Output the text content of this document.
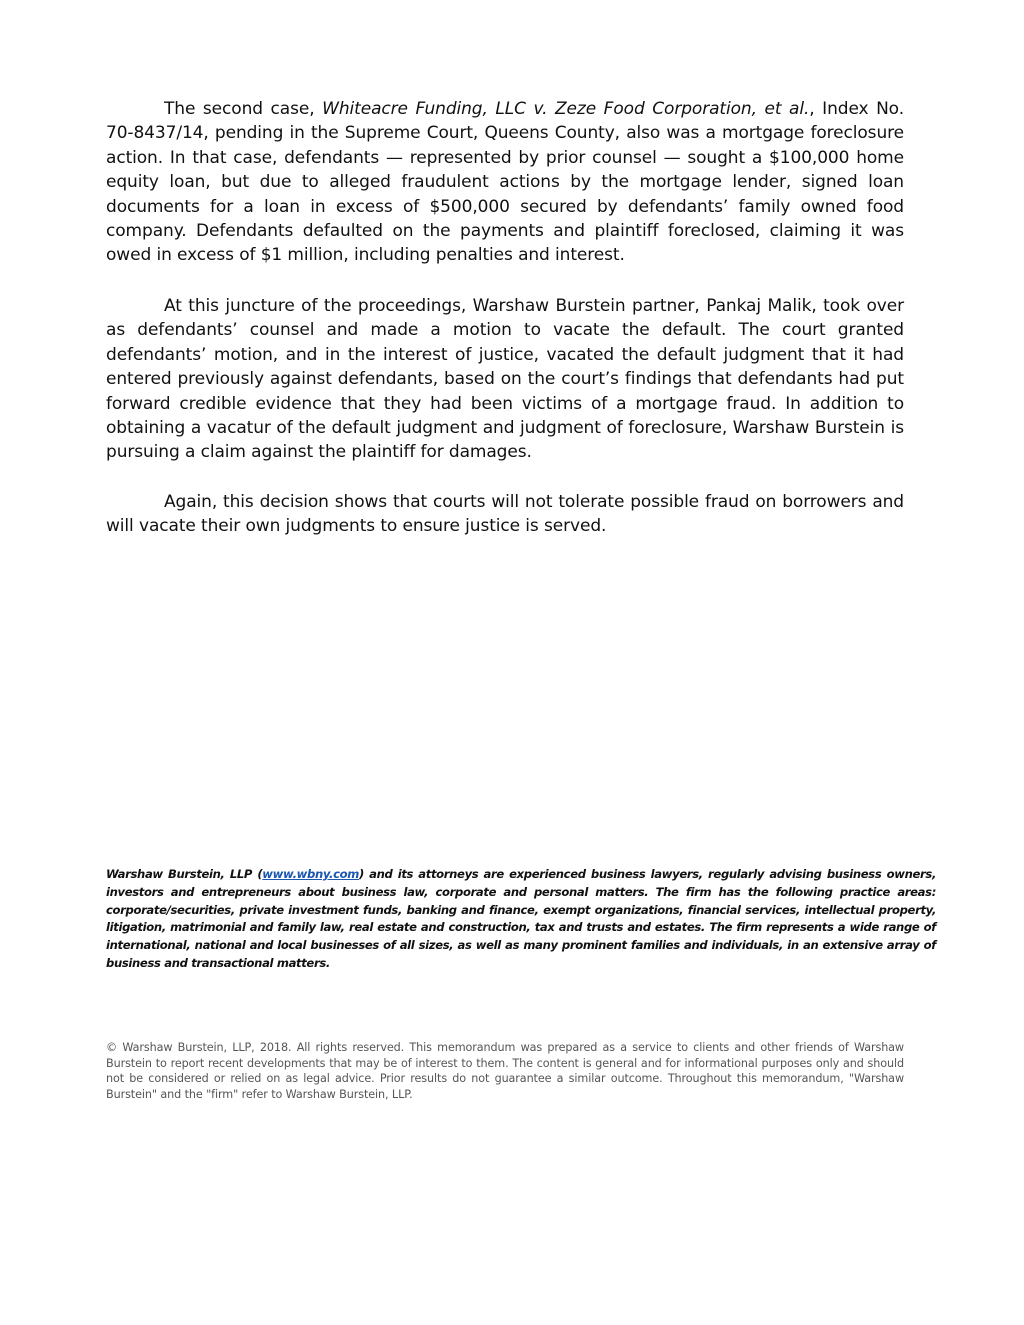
The second case, Whiteacre Funding, LLC v. Zeze Food Corporation, et al., Index No. 70-8437/14, pending in the Supreme Court, Queens County, also was a mortgage foreclosure action. In that case, defendants — represented by prior counsel — sought a $100,000 home equity loan, but due to alleged fraudulent actions by the mortgage lender, signed loan documents for a loan in excess of $500,000 secured by defendants’ family owned food company. Defendants defaulted on the payments and plaintiff foreclosed, claiming it was owed in excess of $1 million, including penalties and interest.

At this juncture of the proceedings, Warshaw Burstein partner, Pankaj Malik, took over as defendants’ counsel and made a motion to vacate the default. The court granted defendants’ motion, and in the interest of justice, vacated the default judgment that it had entered previously against defendants, based on the court’s findings that defendants had put forward credible evidence that they had been victims of a mortgage fraud. In addition to obtaining a vacatur of the default judgment and judgment of foreclosure, Warshaw Burstein is pursuing a claim against the plaintiff for damages.

Again, this decision shows that courts will not tolerate possible fraud on borrowers and will vacate their own judgments to ensure justice is served.

Warshaw Burstein, LLP (www.wbny.com) and its attorneys are experienced business lawyers, regularly advising business owners, investors and entrepreneurs about business law, corporate and personal matters. The firm has the following practice areas: corporate/securities, private investment funds, banking and finance, exempt organizations, financial services, intellectual property, litigation, matrimonial and family law, real estate and construction, tax and trusts and estates. The firm represents a wide range of international, national and local businesses of all sizes, as well as many prominent families and individuals, in an extensive array of business and transactional matters.

© Warshaw Burstein, LLP, 2018. All rights reserved. This memorandum was prepared as a service to clients and other friends of Warshaw Burstein to report recent developments that may be of interest to them. The content is general and for informational purposes only and should not be considered or relied on as legal advice. Prior results do not guarantee a similar outcome. Throughout this memorandum, "Warshaw Burstein" and the "firm" refer to Warshaw Burstein, LLP.
